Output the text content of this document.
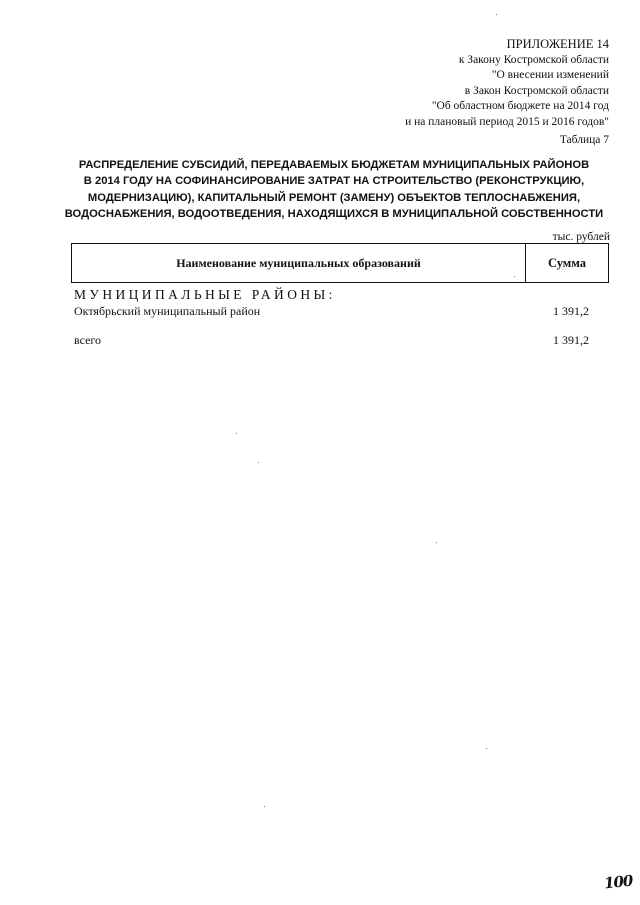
ПРИЛОЖЕНИЕ 14
к Закону Костромской области
"О внесении изменений
в Закон Костромской области
"Об областном бюджете на 2014 год
и на плановый период 2015 и 2016 годов"
Таблица 7
РАСПРЕДЕЛЕНИЕ СУБСИДИЙ, ПЕРЕДАВАЕМЫХ БЮДЖЕТАМ МУНИЦИПАЛЬНЫХ РАЙОНОВ
В 2014 ГОДУ НА СОФИНАНСИРОВАНИЕ ЗАТРАТ НА СТРОИТЕЛЬСТВО (РЕКОНСТРУКЦИЮ,
МОДЕРНИЗАЦИЮ), КАПИТАЛЬНЫЙ РЕМОНТ (ЗАМЕНУ) ОБЪЕКТОВ ТЕПЛОСНАБЖЕНИЯ,
ВОДОСНАБЖЕНИЯ, ВОДООТВЕДЕНИЯ, НАХОДЯЩИХСЯ В МУНИЦИПАЛЬНОЙ СОБСТВЕННОСТИ
тыс. рублей
Наименование муниципальных образований	Сумма
МУНИЦИПАЛЬНЫЕ РАЙОНЫ:
Октябрьский муниципальный район	1 391,2
всего	1 391,2
100
